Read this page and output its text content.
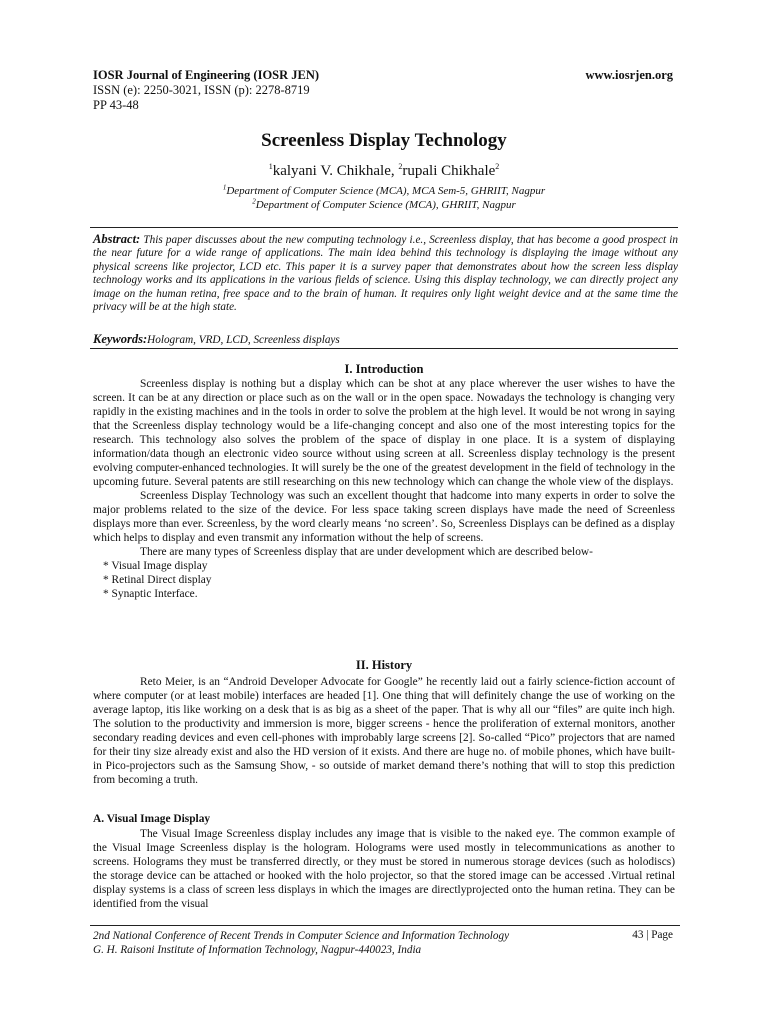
IOSR Journal of Engineering (IOSR JEN)
ISSN (e): 2250-3021, ISSN (p): 2278-8719
PP 43-48
www.iosrjen.org
Screenless Display Technology
$^1$kalyani V. Chikhale, $^2$rupali Chikhale$^2$
$^1$Department of Computer Science (MCA), MCA Sem-5, GHRIIT, Nagpur
$^2$Department of Computer Science (MCA), GHRIIT, Nagpur
Abstract: This paper discusses about the new computing technology i.e., Screenless display, that has become a good prospect in the near future for a wide range of applications. The main idea behind this technology is displaying the image without any physical screens like projector, LCD etc. This paper it is a survey paper that demonstrates about how the screen less display technology works and its applications in the various fields of science. Using this display technology, we can directly project any image on the human retina, free space and to the brain of human. It requires only light weight device and at the same time the privacy will be at the high state.
Keywords:Hologram, VRD, LCD, Screenless displays
I. Introduction

Screenless display is nothing but a display which can be shot at any place wherever the user wishes to have the screen. It can be at any direction or place such as on the wall or in the open space. Nowadays the technology is changing very rapidly in the existing machines and in the tools in order to solve the problem at the high level. It would be not wrong in saying that the Screenless display technology would be a life-changing concept and also one of the most interesting topics for the research. This technology also solves the problem of the space of display in one place. It is a system of displaying information/data though an electronic video source without using screen at all. Screenless display technology is the present evolving computer-enhanced technologies. It will surely be the one of the greatest development in the field of technology in the upcoming future. Several patents are still researching on this new technology which can change the whole view of the displays.

Screenless Display Technology was such an excellent thought that hadcome into many experts in order to solve the major problems related to the size of the device. For less space taking screen displays have made the need of Screenless displays more than ever. Screenless, by the word clearly means ‘no screen’. So, Screenless Displays can be defined as a display which helps to display and even transmit any information without the help of screens.

There are many types of Screenless display that are under development which are described below-

* Visual Image display
* Retinal Direct display
* Synaptic Interface.
II. History

Reto Meier, is an “Android Developer Advocate for Google” he recently laid out a fairly science-fiction account of where computer (or at least mobile) interfaces are headed [1]. One thing that will definitely change the use of working on the average laptop, itis like working on a desk that is as big as a sheet of the paper. That is why all our “files” are quite inch high. The solution to the productivity and immersion is more, bigger screens - hence the proliferation of external monitors, another secondary reading devices and even cell-phones with improbably large screens [2]. So-called “Pico” projectors that are named for their tiny size already exist and also the HD version of it exists. And there are huge no. of mobile phones, which have built-in Pico-projectors such as the Samsung Show, - so outside of market demand there’s nothing that will to stop this prediction from becoming a truth.

A. Visual Image Display

The Visual Image Screenless display includes any image that is visible to the naked eye. The common example of the Visual Image Screenless display is the hologram. Holograms were used mostly in telecommunications as another to screens. Holograms they must be transferred directly, or they must be stored in numerous storage devices (such as holodiscs) the storage device can be attached or hooked with the holo projector, so that the stored image can be accessed .Virtual retinal display systems is a class of screen less displays in which the images are directlyprojected onto the human retina. They can be identified from the visual

2nd National Conference of Recent Trends in Computer Science and Information Technology
G. H. Raisoni Institute of Information Technology, Nagpur-440023, India
43 | Page
